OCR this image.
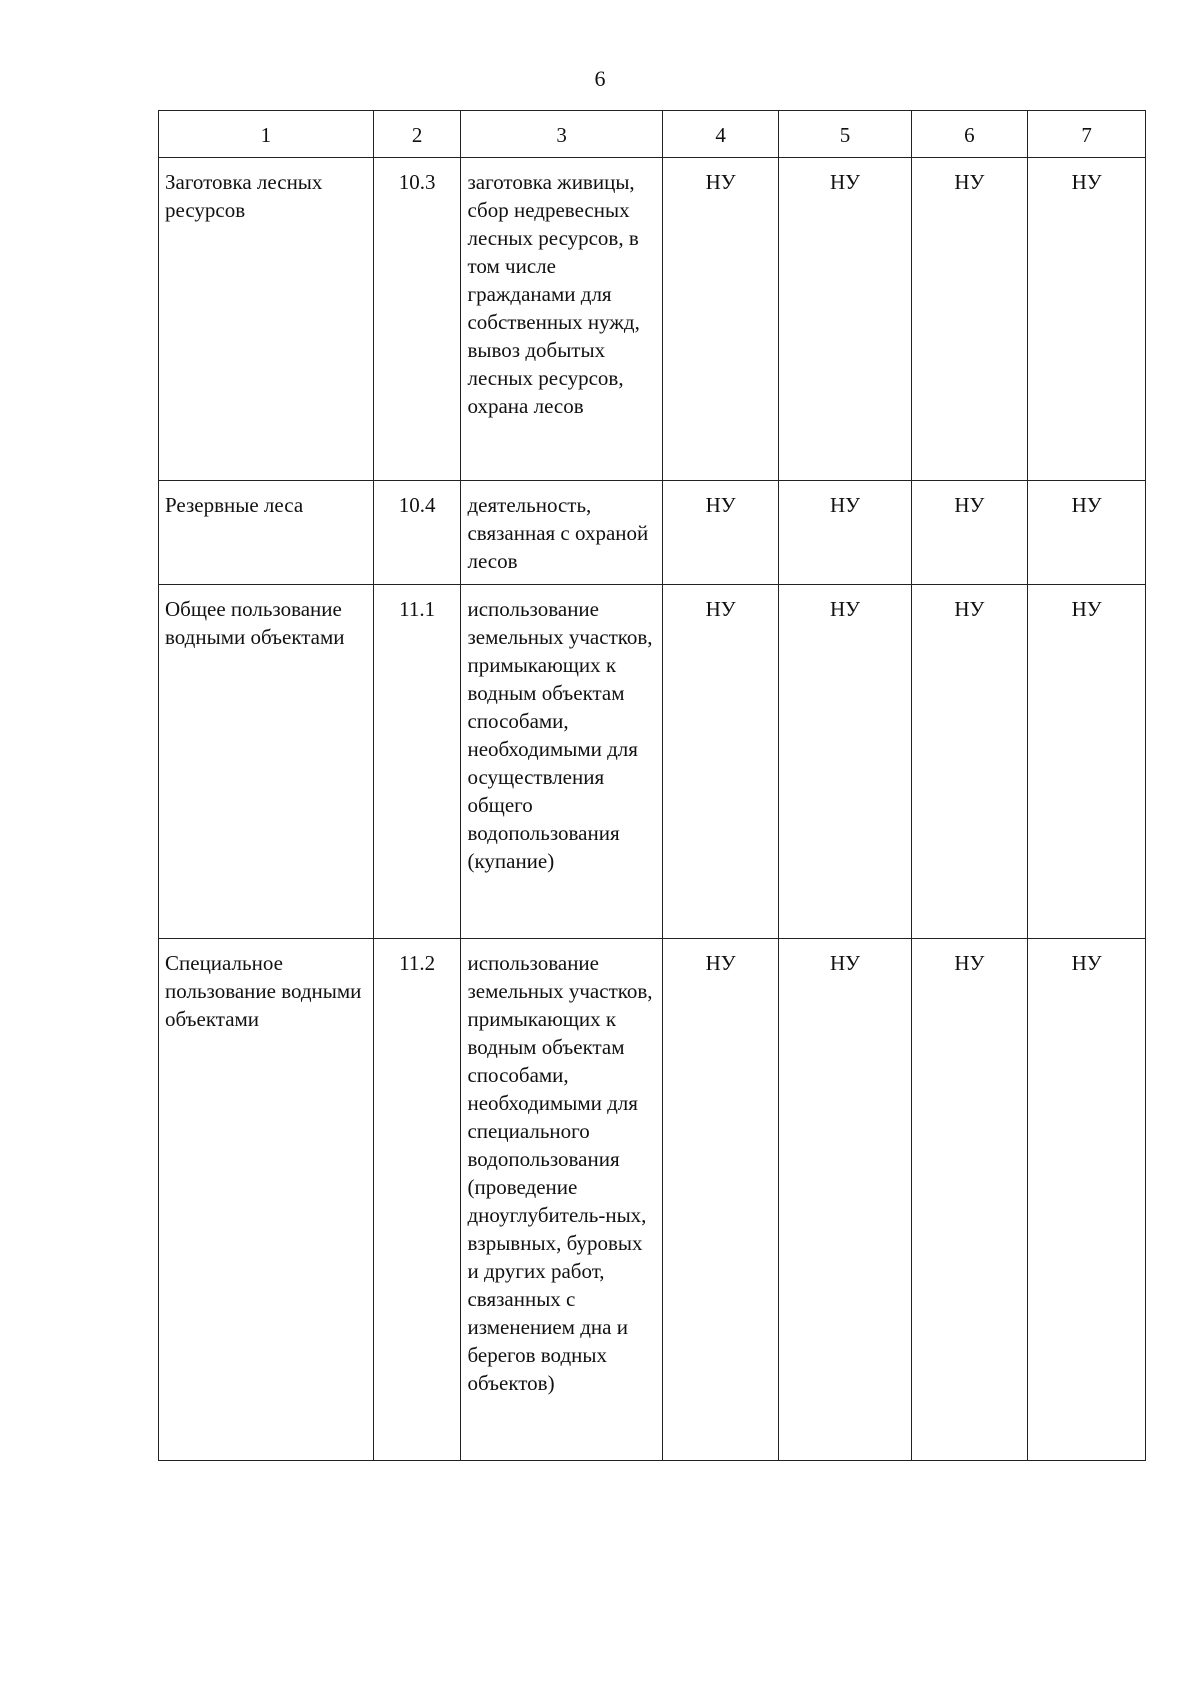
6
1	2	3	4	5	6	7
Заготовка лесных ресурсов	10.3	заготовка живицы, сбор недревесных лесных ресурсов, в том числе гражданами для собственных нужд, вывоз добытых лесных ресурсов, охрана лесов	НУ	НУ	НУ	НУ
Резервные леса	10.4	деятельность, связанная с охраной лесов	НУ	НУ	НУ	НУ
Общее пользование водными объектами	11.1	использование земельных участков, примыкающих к водным объектам способами, необходимыми для осуществления общего водопользования (купание)	НУ	НУ	НУ	НУ
Специальное пользование водными объектами	11.2	использование земельных участков, примыкающих к водным объектам способами, необходимыми для специального водопользования (проведение дноуглубитель-ных, взрывных, буровых и других работ, связанных с изменением дна и берегов водных объектов)	НУ	НУ	НУ	НУ
